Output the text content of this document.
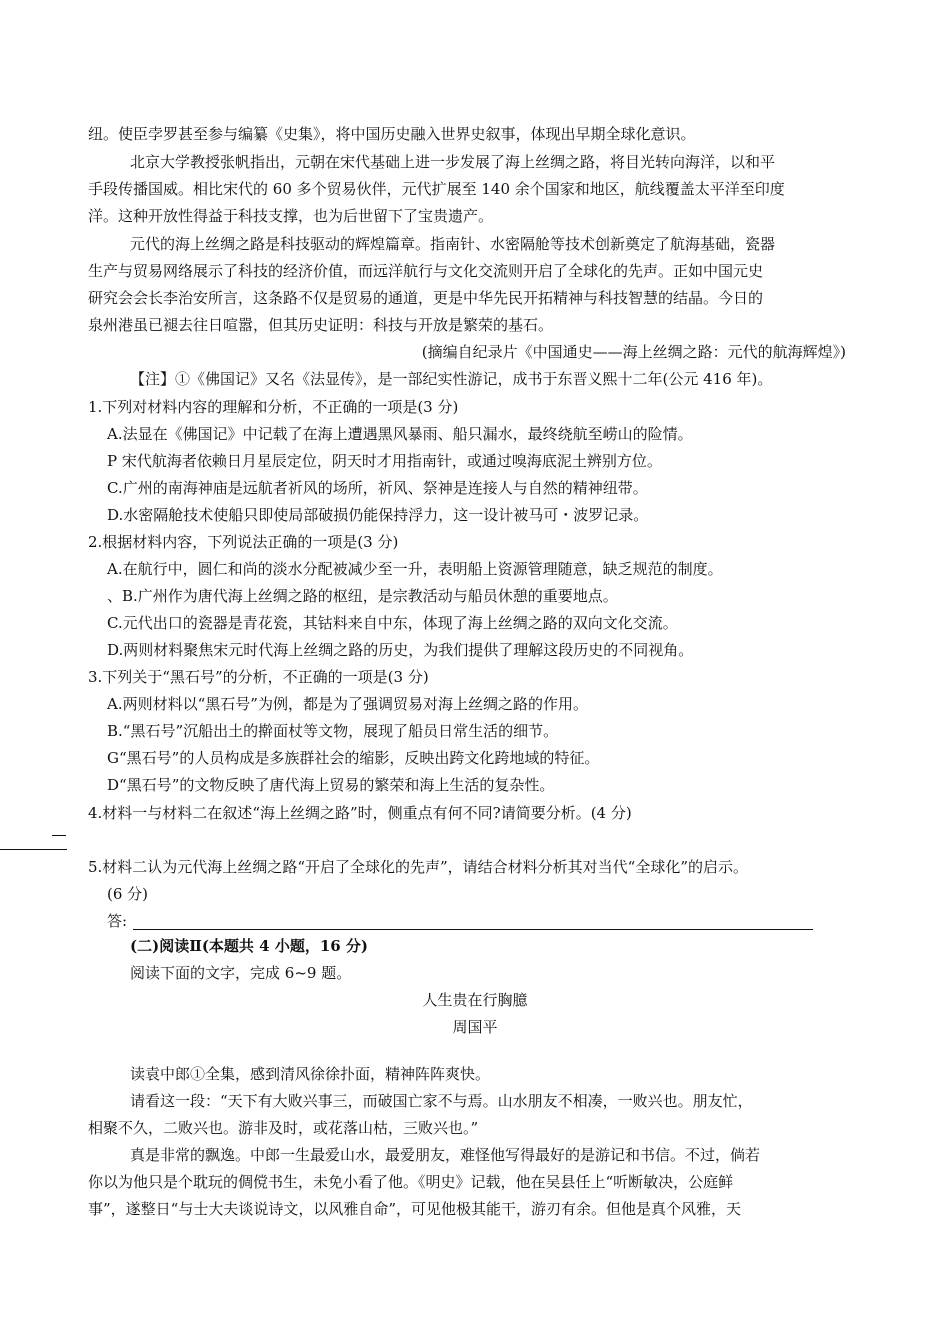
纽。使臣孛罗甚至参与编纂《史集》，将中国历史融入世界史叙事，体现出早期全球化意识。
北京大学教授张帆指出，元朝在宋代基础上进一步发展了海上丝绸之路，将目光转向海洋，以和平
手段传播国威。相比宋代的 60 多个贸易伙伴，元代扩展至 140 余个国家和地区，航线覆盖太平洋至印度
洋。这种开放性得益于科技支撑，也为后世留下了宝贵遗产。
元代的海上丝绸之路是科技驱动的辉煌篇章。指南针、水密隔舱等技术创新奠定了航海基础，瓷器
生产与贸易网络展示了科技的经济价值，而远洋航行与文化交流则开启了全球化的先声。正如中国元史
研究会会长李治安所言，这条路不仅是贸易的通道，更是中华先民开拓精神与科技智慧的结晶。今日的
泉州港虽已褪去往日喧嚣，但其历史证明：科技与开放是繁荣的基石。
(摘编自纪录片《中国通史——海上丝绸之路：元代的航海辉煌》)
【注】①《佛国记》又名《法显传》，是一部纪实性游记，成书于东晋义熙十二年(公元 416 年)。
1.下列对材料内容的理解和分析，不正确的一项是(3 分)
A.法显在《佛国记》中记载了在海上遭遇黑风暴雨、船只漏水，最终绕航至崂山的险情。
P 宋代航海者依赖日月星辰定位，阴天时才用指南针，或通过嗅海底泥土辨别方位。
C.广州的南海神庙是远航者祈风的场所，祈风、祭神是连接人与自然的精神纽带。
D.水密隔舱技术使船只即使局部破损仍能保持浮力，这一设计被马可・波罗记录。
2.根据材料内容，下列说法正确的一项是(3 分)
A.在航行中，圆仁和尚的淡水分配被减少至一升，表明船上资源管理随意，缺乏规范的制度。
、B.广州作为唐代海上丝绸之路的枢纽，是宗教活动与船员休憩的重要地点。
C.元代出口的瓷器是青花瓷，其钴料来自中东，体现了海上丝绸之路的双向文化交流。
D.两则材料聚焦宋元时代海上丝绸之路的历史，为我们提供了理解这段历史的不同视角。
3.下列关于“黑石号”的分析，不正确的一项是(3 分)
A.两则材料以“黑石号”为例，都是为了强调贸易对海上丝绸之路的作用。
B.“黑石号”沉船出土的擀面杖等文物，展现了船员日常生活的细节。
G“黑石号”的人员构成是多族群社会的缩影，反映出跨文化跨地域的特征。
D“黑石号”的文物反映了唐代海上贸易的繁荣和海上生活的复杂性。
4.材料一与材料二在叙述“海上丝绸之路”时，侧重点有何不同?请简要分析。(4 分)
5.材料二认为元代海上丝绸之路“开启了全球化的先声”，请结合材料分析其对当代“全球化”的启示。
(6 分)
答:
(二)阅读Ⅱ(本题共 4 小题，16 分)
阅读下面的文字，完成 6~9 题。
人生贵在行胸臆
周国平
读袁中郎①全集，感到清风徐徐扑面，精神阵阵爽快。
请看这一段：“天下有大败兴事三，而破国亡家不与焉。山水朋友不相凑，一败兴也。朋友忙，
相聚不久，二败兴也。游非及时，或花落山枯，三败兴也。”
真是非常的飘逸。中郎一生最爱山水，最爱朋友，难怪他写得最好的是游记和书信。不过，倘若
你以为他只是个耽玩的倜傥书生，未免小看了他。《明史》记载，他在吴县任上“听断敏决，公庭鲜
事”，遂整日“与士大夫谈说诗文，以风雅自命”，可见他极其能干，游刃有余。但他是真个风雅，天
